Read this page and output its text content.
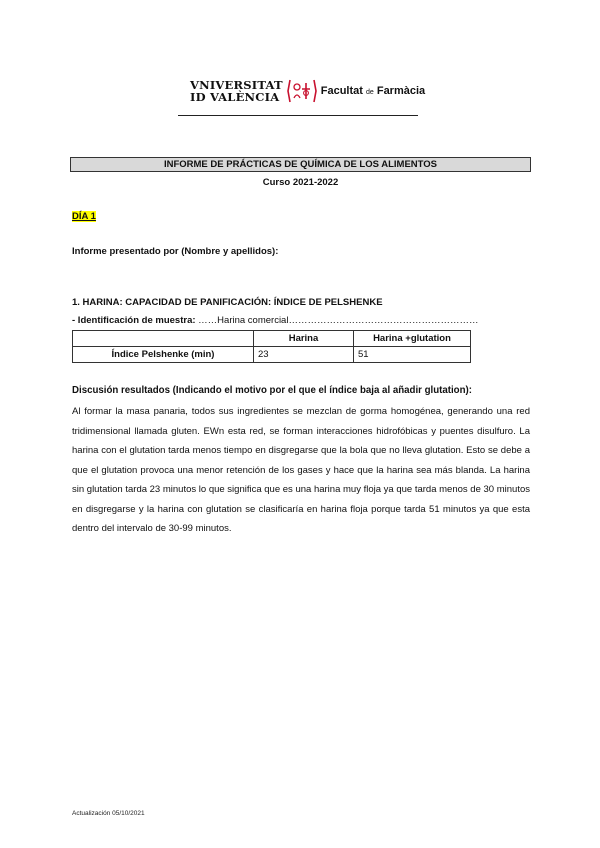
VNIVERSITAT
ID VALÈNCIA	Facultat de Farmàcia
INFORME DE PRÁCTICAS DE QUÍMICA DE LOS ALIMENTOS
Curso 2021-2022
DÍA 1
Informe presentado por (Nombre y apellidos):
1. HARINA: CAPACIDAD DE PANIFICACIÓN: ÍNDICE DE PELSHENKE
- Identificación de muestra: ……Harina comercial……………………………………………………
	Harina	Harina +glutation
Índice Pelshenke (min)	23	51
Discusión resultados (Indicando el motivo por el que el índice baja al añadir glutation):
Al formar la masa panaria, todos sus ingredientes se mezclan de gorma homogénea, generando una red tridimensional llamada gluten. EWn esta red, se forman interacciones hidrofóbicas y puentes disulfuro. La harina con el glutation tarda menos tiempo en disgregarse que la bola que no lleva glutation. Esto se debe a que el glutation provoca una menor retención de los gases y hace que la harina sea más blanda. La harina sin glutation tarda 23 minutos lo que significa que es una harina muy floja ya que tarda menos de 30 minutos en disgregarse y la harina con glutation se clasificaría en harina floja porque tarda 51 minutos ya que esta dentro del intervalo de 30-99 minutos.
Actualización 05/10/2021
